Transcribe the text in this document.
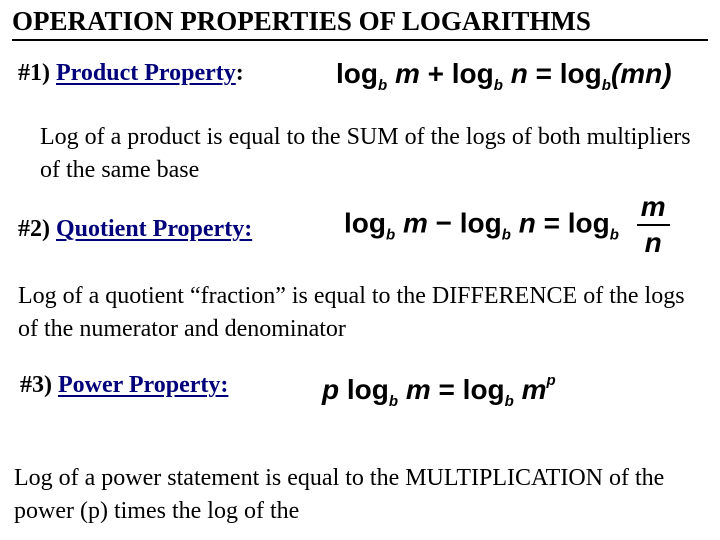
OPERATION PROPERTIES OF LOGARITHMS
#1) Product Property:	$\log_b m + \log_b n = \log_b(mn)$
Log of a product is equal to the SUM of the logs of both multipliers of the same base
#2) Quotient Property:	$\log_b m - \log_b n = \log_b \frac{m}{n}$
Log of a quotient “fraction” is equal to the DIFFERENCE of the logs of the numerator and denominator
#3) Power Property:	p $\log_b m = \log_b m^p$
Log of a power statement is equal to the MULTIPLICATION of the power (p) times the log of the
